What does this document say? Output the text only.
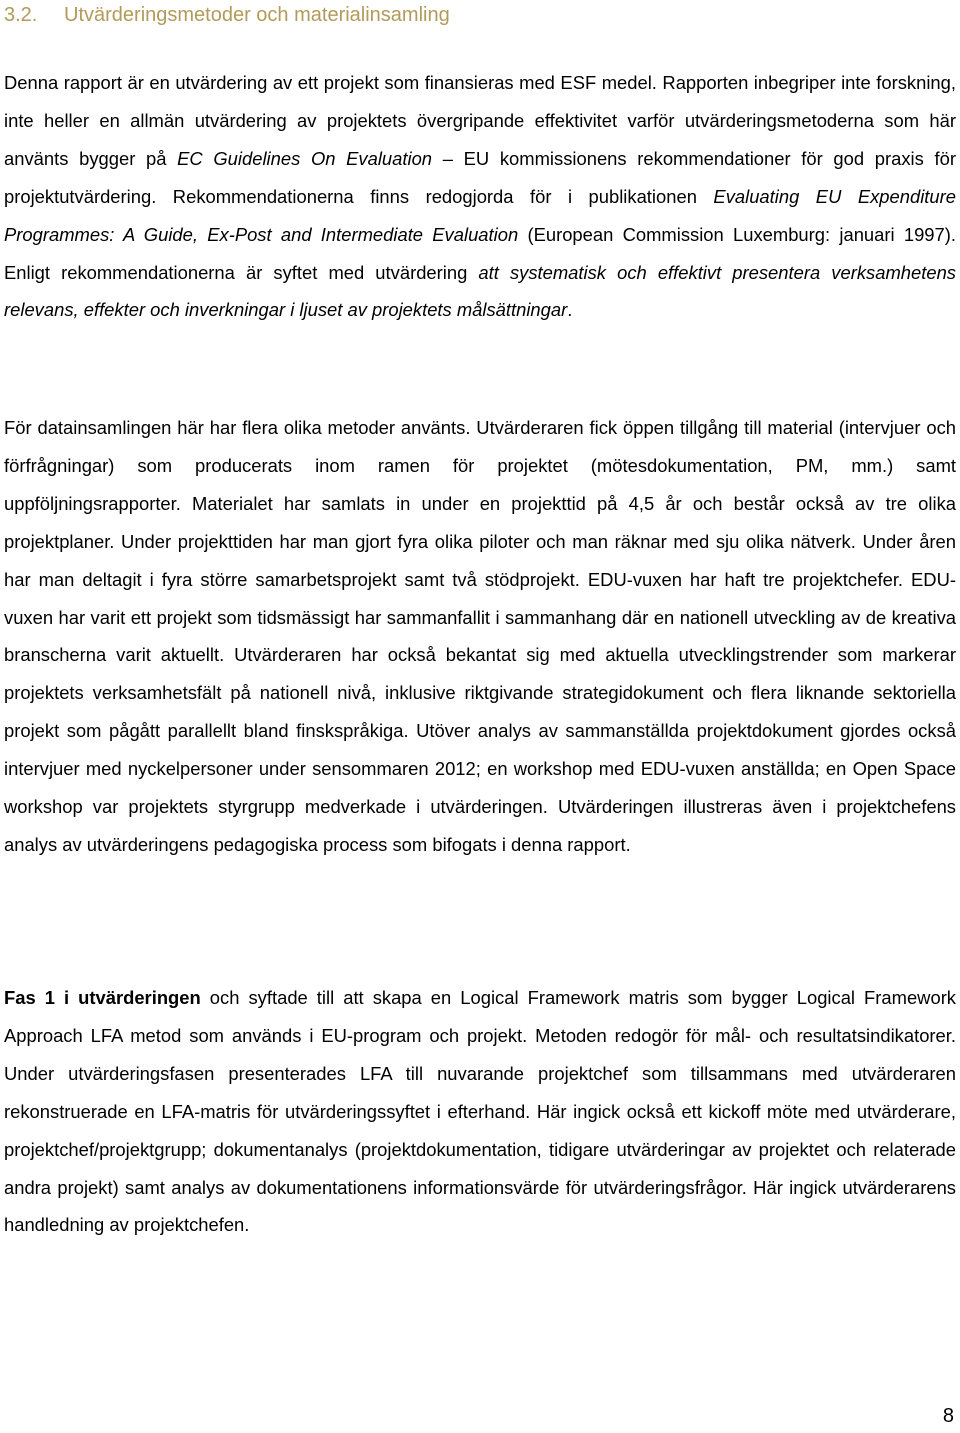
3.2. Utvärderingsmetoder och materialinsamling

Denna rapport är en utvärdering av ett projekt som finansieras med ESF medel. Rapporten inbegriper inte forskning, inte heller en allmän utvärdering av projektets övergripande effektivitet varför utvärderingsmetoderna som här använts bygger på EC Guidelines On Evaluation – EU kommissionens rekommendationer för god praxis för projektutvärdering. Rekommendationerna finns redogjorda för i publikationen Evaluating EU Expenditure Programmes: A Guide, Ex-Post and Intermediate Evaluation (European Commission Luxemburg: januari 1997). Enligt rekommendationerna är syftet med utvärdering att systematisk och effektivt presentera verksamhetens relevans, effekter och inverkningar i ljuset av projektets målsättningar.

För datainsamlingen här har flera olika metoder använts. Utvärderaren fick öppen tillgång till material (intervjuer och förfrågningar) som producerats inom ramen för projektet (mötesdokumentation, PM, mm.) samt uppföljningsrapporter. Materialet har samlats in under en projekttid på 4,5 år och består också av tre olika projektplaner. Under projekttiden har man gjort fyra olika piloter och man räknar med sju olika nätverk. Under åren har man deltagit i fyra större samarbetsprojekt samt två stödprojekt. EDU-vuxen har haft tre projektchefer. EDU-vuxen har varit ett projekt som tidsmässigt har sammanfallit i sammanhang där en nationell utveckling av de kreativa branscherna varit aktuellt. Utvärderaren har också bekantat sig med aktuella utvecklingstrender som markerar projektets verksamhetsfält på nationell nivå, inklusive riktgivande strategidokument och flera liknande sektoriella projekt som pågått parallellt bland finskspråkiga. Utöver analys av sammanställda projektdokument gjordes också intervjuer med nyckelpersoner under sensommaren 2012; en workshop med EDU-vuxen anställda; en Open Space workshop var projektets styrgrupp medverkade i utvärderingen. Utvärderingen illustreras även i projektchefens analys av utvärderingens pedagogiska process som bifogats i denna rapport.

Fas 1 i utvärderingen och syftade till att skapa en Logical Framework matris som bygger Logical Framework Approach LFA metod som används i EU-program och projekt. Metoden redogör för mål- och resultatsindikatorer. Under utvärderingsfasen presenterades LFA till nuvarande projektchef som tillsammans med utvärderaren rekonstruerade en LFA-matris för utvärderingssyftet i efterhand. Här ingick också ett kickoff möte med utvärderare, projektchef/projektgrupp; dokumentanalys (projektdokumentation, tidigare utvärderingar av projektet och relaterade andra projekt) samt analys av dokumentationens informationsvärde för utvärderingsfrågor. Här ingick utvärderarens handledning av projektchefen.

8
